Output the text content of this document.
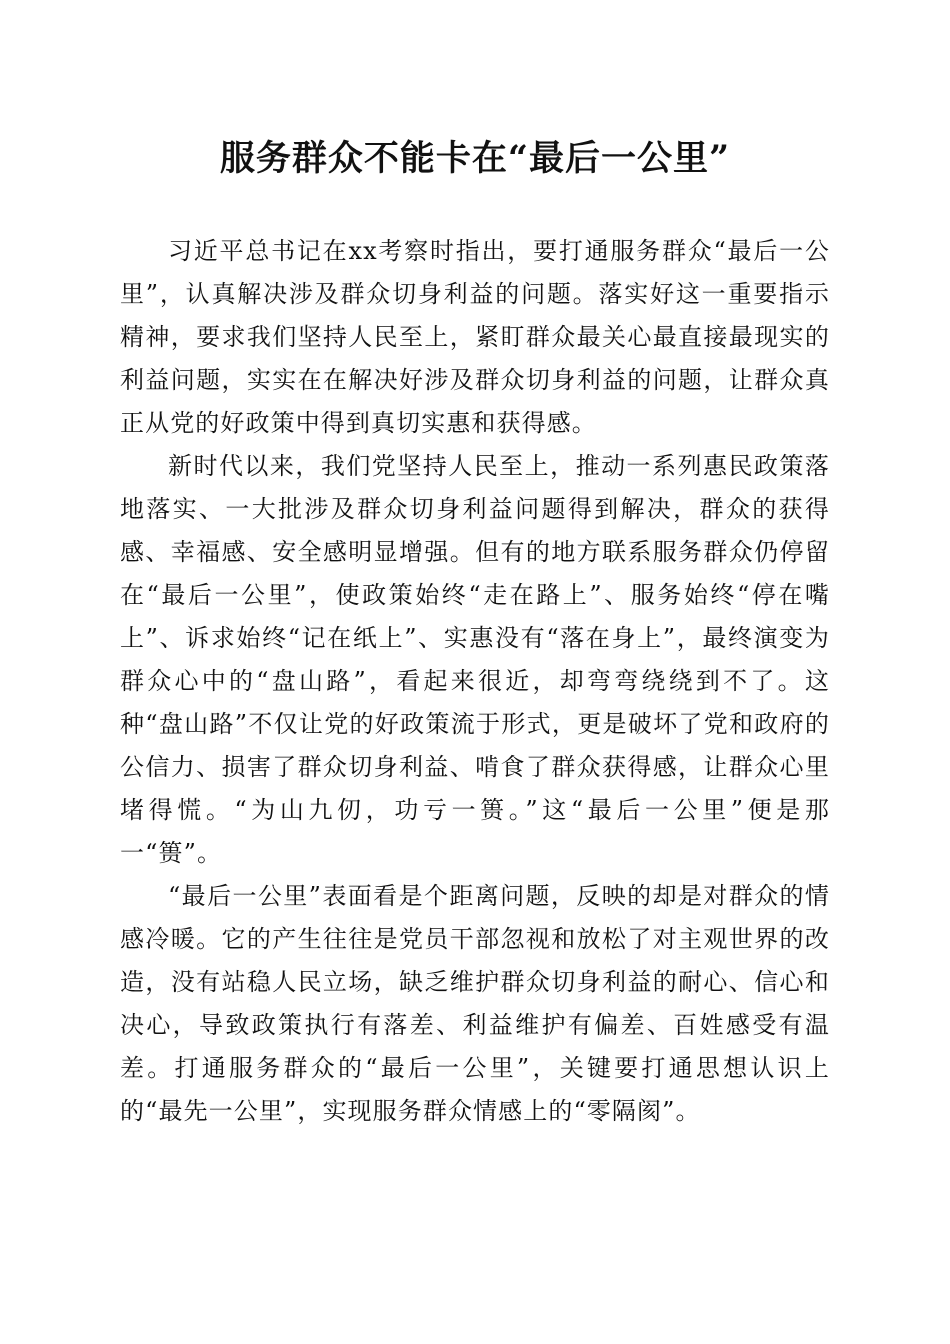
服务群众不能卡在“最后一公里”

习近平总书记在xx考察时指出，要打通服务群众“最后一公里”，认真解决涉及群众切身利益的问题。落实好这一重要指示精神，要求我们坚持人民至上，紧盯群众最关心最直接最现实的利益问题，实实在在解决好涉及群众切身利益的问题，让群众真正从党的好政策中得到真切实惠和获得感。

新时代以来，我们党坚持人民至上，推动一系列惠民政策落地落实、一大批涉及群众切身利益问题得到解决，群众的获得感、幸福感、安全感明显增强。但有的地方联系服务群众仍停留在“最后一公里”，使政策始终“走在路上”、服务始终“停在嘴上”、诉求始终“记在纸上”、实惠没有“落在身上”，最终演变为群众心中的“盘山路”，看起来很近，却弯弯绕绕到不了。这种“盘山路”不仅让党的好政策流于形式，更是破坏了党和政府的公信力、损害了群众切身利益、啃食了群众获得感，让群众心里堵得慌。“为山九仞，功亏一篑。”这“最后一公里”便是那一“篑”。

“最后一公里”表面看是个距离问题，反映的却是对群众的情感冷暖。它的产生往往是党员干部忽视和放松了对主观世界的改造，没有站稳人民立场，缺乏维护群众切身利益的耐心、信心和决心，导致政策执行有落差、利益维护有偏差、百姓感受有温差。打通服务群众的“最后一公里”，关键要打通思想认识上的“最先一公里”，实现服务群众情感上的“零隔阂”。
